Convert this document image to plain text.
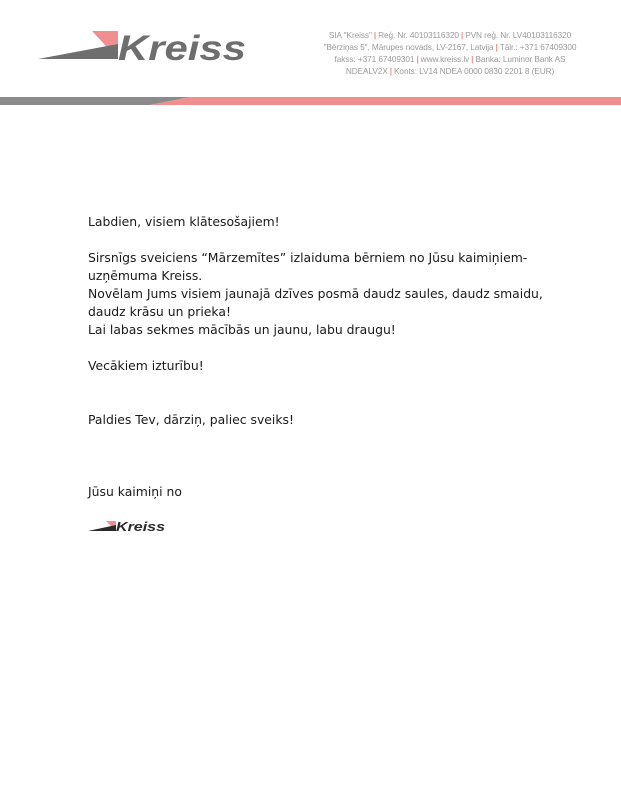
Kreiss	SIA "Kreiss" | Reģ. Nr. 40103116320 | PVN reģ. Nr. LV40103116320
"Bērziņas 5", Mārupes novads, LV-2167, Latvija | Tālr.: +371 67409300
fakss: +371 67409301 | www.kreiss.lv | Banka: Luminor Bank AS
NDEALV2X | Konts: LV14 NDEA 0000 0830 2201 8 (EUR)

Labdien, visiem klātesošajiem!

Sirsnīgs sveiciens “Mārzemītes” izlaiduma bērniem no Jūsu kaimiņiem-

uzņēmuma Kreiss.

Novēlam Jums visiem jaunajā dzīves posmā daudz saules, daudz smaidu,

daudz krāsu un prieka!

Lai labas sekmes mācībās un jaunu, labu draugu!

Vecākiem izturību!

Paldies Tev, dārziņ, paliec sveiks!

Jūsu kaimiņi no

Kreiss
